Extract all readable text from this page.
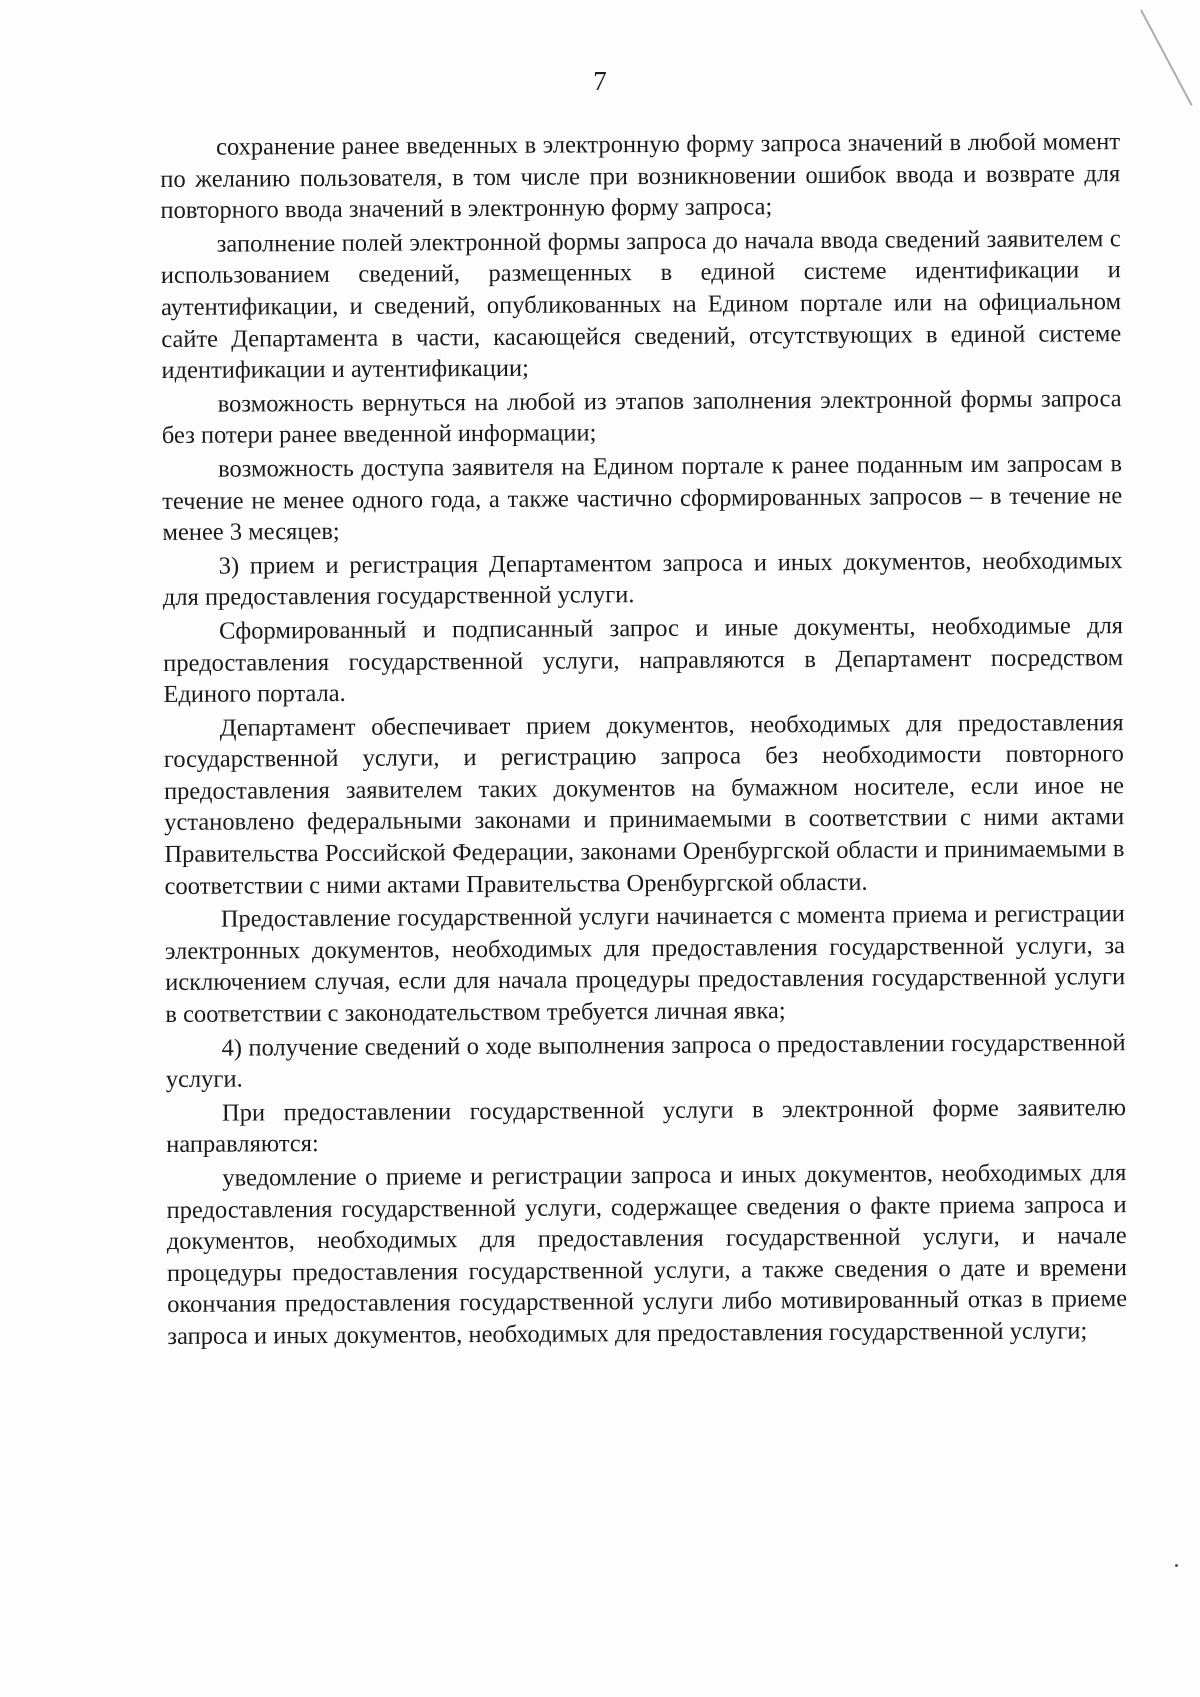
7

сохранение ранее введенных в электронную форму запроса значений в любой момент по желанию пользователя, в том числе при возникновении ошибок ввода и возврате для повторного ввода значений в электронную форму запроса;

заполнение полей электронной формы запроса до начала ввода сведений заявителем с использованием сведений, размещенных в единой системе идентификации и аутентификации, и сведений, опубликованных на Едином портале или на официальном сайте Департамента в части, касающейся сведений, отсутствующих в единой системе идентификации и аутентификации;

возможность вернуться на любой из этапов заполнения электронной формы запроса без потери ранее введенной информации;

возможность доступа заявителя на Едином портале к ранее поданным им запросам в течение не менее одного года, а также частично сформированных запросов – в течение не менее 3 месяцев;

3) прием и регистрация Департаментом запроса и иных документов, необходимых для предоставления государственной услуги.

Сформированный и подписанный запрос и иные документы, необходимые для предоставления государственной услуги, направляются в Департамент посредством Единого портала.

Департамент обеспечивает прием документов, необходимых для предоставления государственной услуги, и регистрацию запроса без необходимости повторного предоставления заявителем таких документов на бумажном носителе, если иное не установлено федеральными законами и принимаемыми в соответствии с ними актами Правительства Российской Федерации, законами Оренбургской области и принимаемыми в соответствии с ними актами Правительства Оренбургской области.

Предоставление государственной услуги начинается с момента приема и регистрации электронных документов, необходимых для предоставления государственной услуги, за исключением случая, если для начала процедуры предоставления государственной услуги в соответствии с законодательством требуется личная явка;

4) получение сведений о ходе выполнения запроса о предоставлении государственной услуги.

При предоставлении государственной услуги в электронной форме заявителю направляются:

уведомление о приеме и регистрации запроса и иных документов, необходимых для предоставления государственной услуги, содержащее сведения о факте приема запроса и документов, необходимых для предоставления государственной услуги, и начале процедуры предоставления государственной услуги, а также сведения о дате и времени окончания предоставления государственной услуги либо мотивированный отказ в приеме запроса и иных документов, необходимых для предоставления государственной услуги;
